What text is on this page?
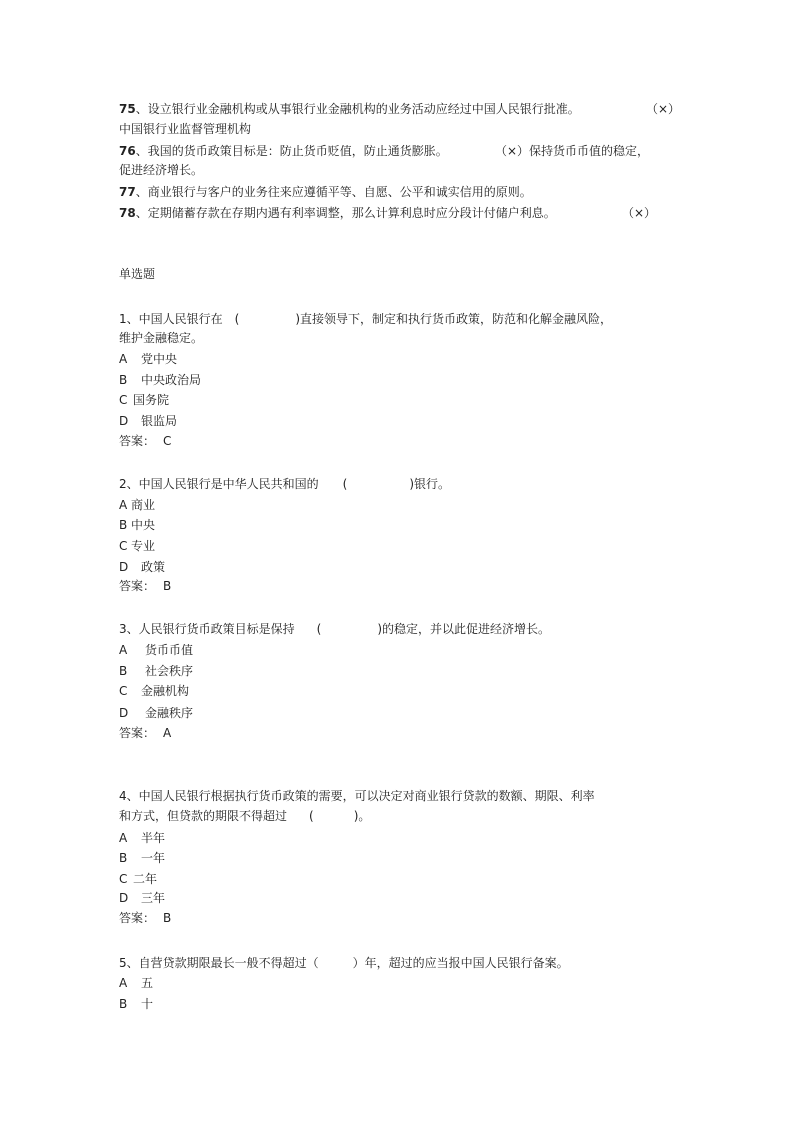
75、设立银行业金融机构或从事银行业金融机构的业务活动应经过中国人民银行批准。	（×）
中国银行业监督管理机构
76、我国的货币政策目标是：防止货币贬值，防止通货膨胀。	（×）保持货币币值的稳定，
促进经济增长。
77、商业银行与客户的业务往来应遵循平等、自愿、公平和诚实信用的原则。
78、定期储蓄存款在存期内遇有利率调整，那么计算利息时应分段计付储户利息。	（×）
单选题
1、中国人民银行在 (	)直接领导下，制定和执行货币政策，防范和化解金融风险，
维护金融稳定。
A 党中央
B 中央政治局
C 国务院
D 银监局
答案： C
2、中国人民银行是中华人民共和国的 (	)银行。
A 商业
B 中央
C 专业
D 政策
答案： B
3、人民银行货币政策目标是保持 (	)的稳定，并以此促进经济增长。
A 货币币值
B 社会秩序
C 金融机构
D 金融秩序
答案： A
4、中国人民银行根据执行货币政策的需要，可以决定对商业银行贷款的数额、期限、利率
和方式，但贷款的期限不得超过 (	)。
A 半年
B 一年
C 二年
D 三年
答案： B
5、自营贷款期限最长一般不得超过（	）年，超过的应当报中国人民银行备案。
A 五
B 十
